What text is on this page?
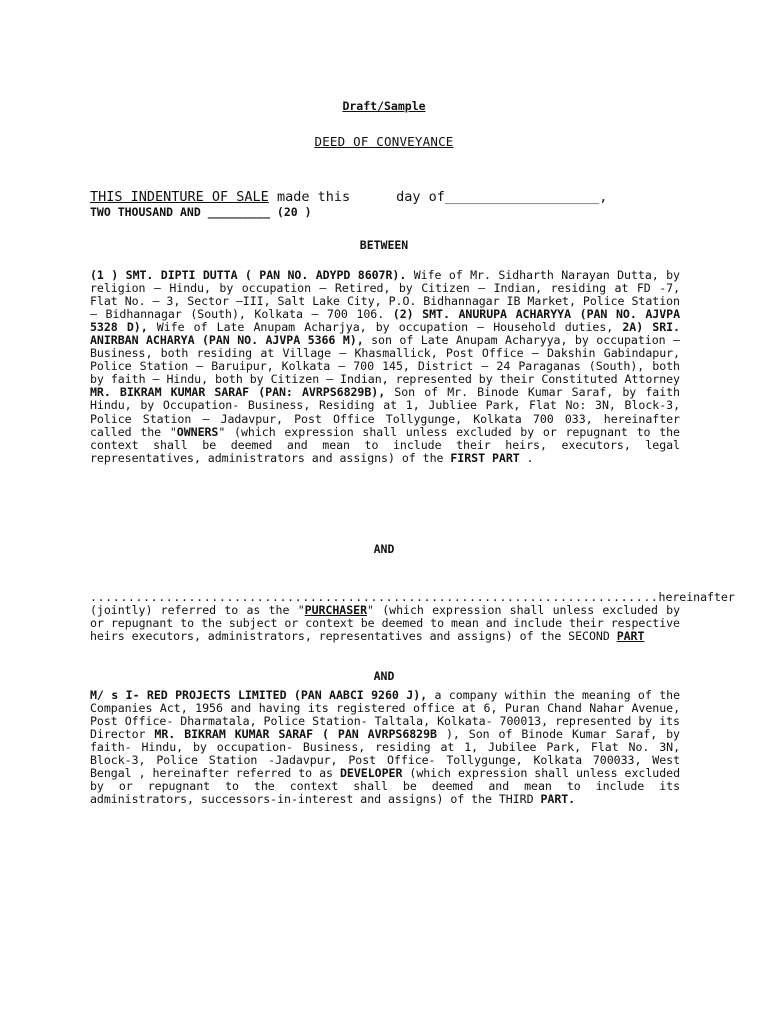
Draft/Sample
DEED OF CONVEYANCE
THIS INDENTURE OF SALE made this	day of___________________,
TWO THOUSAND AND _________ (20 )
BETWEEN
(1 ) SMT. DIPTI DUTTA ( PAN NO. ADYPD 8607R). Wife of Mr. Sidharth Narayan Dutta, by religion – Hindu, by occupation – Retired, by Citizen – Indian, residing at FD -7, Flat No. – 3, Sector –III, Salt Lake City, P.O. Bidhannagar IB Market, Police Station – Bidhannagar (South), Kolkata – 700 106. (2) SMT. ANURUPA ACHARYYA (PAN NO. AJVPA 5328 D), Wife of Late Anupam Acharjya, by occupation – Household duties, 2A) SRI. ANIRBAN ACHARYA (PAN NO. AJVPA 5366 M), son of Late Anupam Acharyya, by occupation – Business, both residing at Village – Khasmallick, Post Office – Dakshin Gabindapur, Police Station – Baruipur, Kolkata – 700 145, District – 24 Paraganas (South), both by faith – Hindu, both by Citizen – Indian, represented by their Constituted Attorney MR. BIKRAM KUMAR SARAF (PAN: AVRPS6829B), Son of Mr. Binode Kumar Saraf, by faith Hindu, by Occupation- Business, Residing at 1, Jubliee Park, Flat No: 3N, Block-3, Police Station – Jadavpur, Post Office Tollygunge, Kolkata 700 033, hereinafter called the "OWNERS" (which expression shall unless excluded by or repugnant to the context shall be deemed and mean to include their heirs, executors, legal representatives, administrators and assigns) of the FIRST PART .
AND
........................................................................... hereinafter
(jointly) referred to as the "PURCHASER" (which expression shall unless excluded by or repugnant to the subject or context be deemed to mean and include their respective heirs executors, administrators, representatives and assigns) of the SECOND PART
AND
M/ s I- RED PROJECTS LIMITED (PAN AABCI 9260 J), a company within the meaning of the Companies Act, 1956 and having its registered office at 6, Puran Chand Nahar Avenue, Post Office- Dharmatala, Police Station- Taltala, Kolkata- 700013, represented by its Director MR. BIKRAM KUMAR SARAF ( PAN AVRPS6829B ), Son of Binode Kumar Saraf, by faith- Hindu, by occupation- Business, residing at 1, Jubilee Park, Flat No. 3N, Block-3, Police Station -Jadavpur, Post Office- Tollygunge, Kolkata 700033, West Bengal , hereinafter referred to as DEVELOPER (which expression shall unless excluded by or repugnant to the context shall be deemed and mean to include its administrators, successors-in-interest and assigns) of the THIRD PART.
